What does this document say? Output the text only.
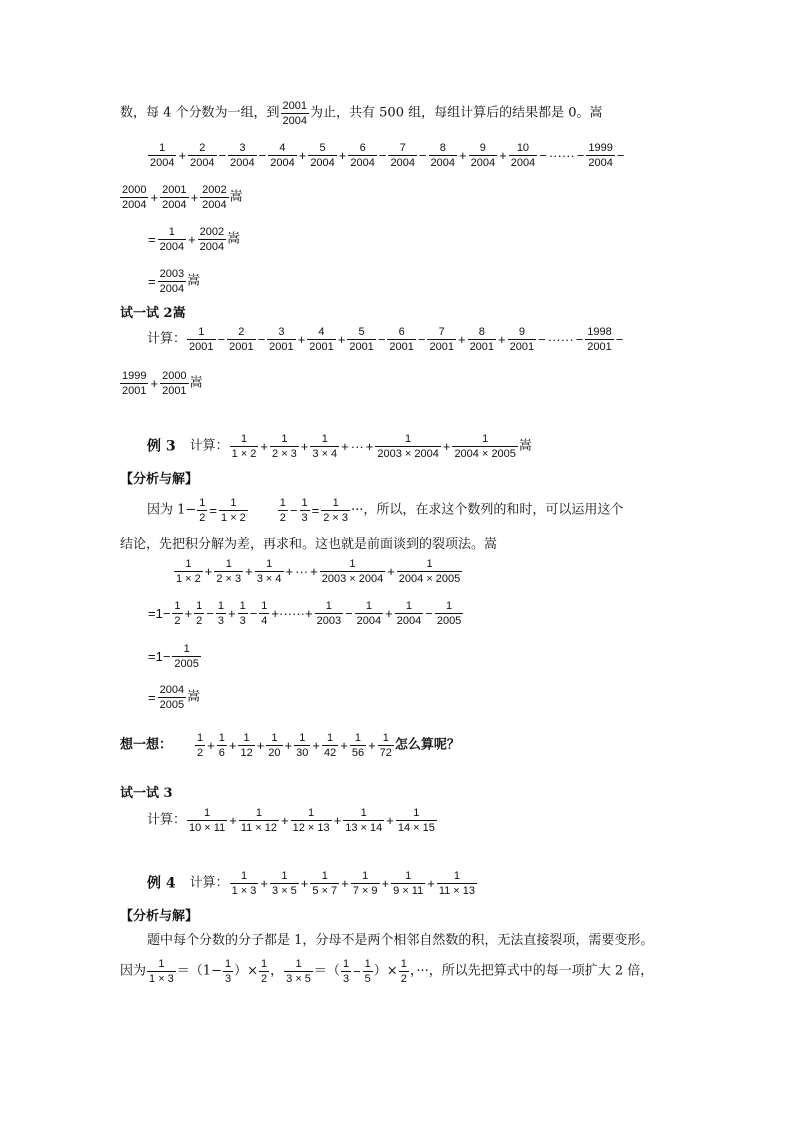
数，每 4 个分数为一组，到 $\frac{2001}{2004}$ 为止，共有 500 组，每组计算后的结果都是 0。嵩
$\frac{1}{2004} + \frac{2}{2004} - \frac{3}{2004} - \frac{4}{2004} + \frac{5}{2004} + \frac{6}{2004} - \frac{7}{2004} - \frac{8}{2004} + \frac{9}{2004} + \frac{10}{2004}$ − ······ − $\frac{1999}{2004}$ −
$\frac{2000}{2004} + \frac{2001}{2004} + \frac{2002}{2004}$ 嵩
= $\frac{1}{2004} + \frac{2002}{2004}$ 嵩
= $\frac{2003}{2004}$ 嵩
试一试 2嵩
计算： $\frac{1}{2001} - \frac{2}{2001} - \frac{3}{2001} + \frac{4}{2001} + \frac{5}{2001} - \frac{6}{2001} - \frac{7}{2001} + \frac{8}{2001} + \frac{9}{2001}$ − ······ − $\frac{1998}{2001}$ −
$\frac{1999}{2001} + \frac{2000}{2001}$ 嵩
例 3 计算： $\frac{1}{1 \times 2} + \frac{1}{2 \times 3} + \frac{1}{3 \times 4}$ + ··· + $\frac{1}{2003 \times 2004} + \frac{1}{2004 \times 2005}$ 嵩
【分析与解】
因为 $1- \frac{1}{2} = \frac{1}{1 \times 2}$	$\frac{1}{2} - \frac{1}{3} = \frac{1}{2 \times 3}$ ···，所以，在求这个数列的和时，可以运用这个
结论，先把积分解为差，再求和。这也就是前面谈到的裂项法。嵩
$\frac{1}{1 \times 2} + \frac{1}{2 \times 3} + \frac{1}{3 \times 4}$ + ··· + $\frac{1}{2003 \times 2004} + \frac{1}{2004 \times 2005}$
$=1- \frac{1}{2} + \frac{1}{2} - \frac{1}{3} + \frac{1}{3} - \frac{1}{4}$ +······+ $\frac{1}{2003} - \frac{1}{2004} + \frac{1}{2004} - \frac{1}{2005}$
$=1- \frac{1}{2005}$
= $\frac{2004}{2005}$ 嵩
想一想： $\frac{1}{2} + \frac{1}{6} + \frac{1}{12} + \frac{1}{20} + \frac{1}{30} + \frac{1}{42} + \frac{1}{56} + \frac{1}{72}$ 怎么算呢？
试一试 3
计算： $\frac{1}{10 \times 11} + \frac{1}{11 \times 12} + \frac{1}{12 \times 13} + \frac{1}{13 \times 14} + \frac{1}{14 \times 15}$
例 4 计算： $\frac{1}{1 \times 3} + \frac{1}{3 \times 5} + \frac{1}{5 \times 7} + \frac{1}{7 \times 9} + \frac{1}{9 \times 11} + \frac{1}{11 \times 13}$
【分析与解】
题中每个分数的分子都是 1，分母不是两个相邻自然数的积，无法直接裂项，需要变形。
因为 $\frac{1}{1 \times 3} =(1- \frac{1}{3}$ ）× $\frac{1}{2}$ ， $\frac{1}{3 \times 5}$ ＝（ $\frac{1}{3} - \frac{1}{5}$ ）× $\frac{1}{2}$ ，···，所以先把算式中的每一项扩大 2 倍，
